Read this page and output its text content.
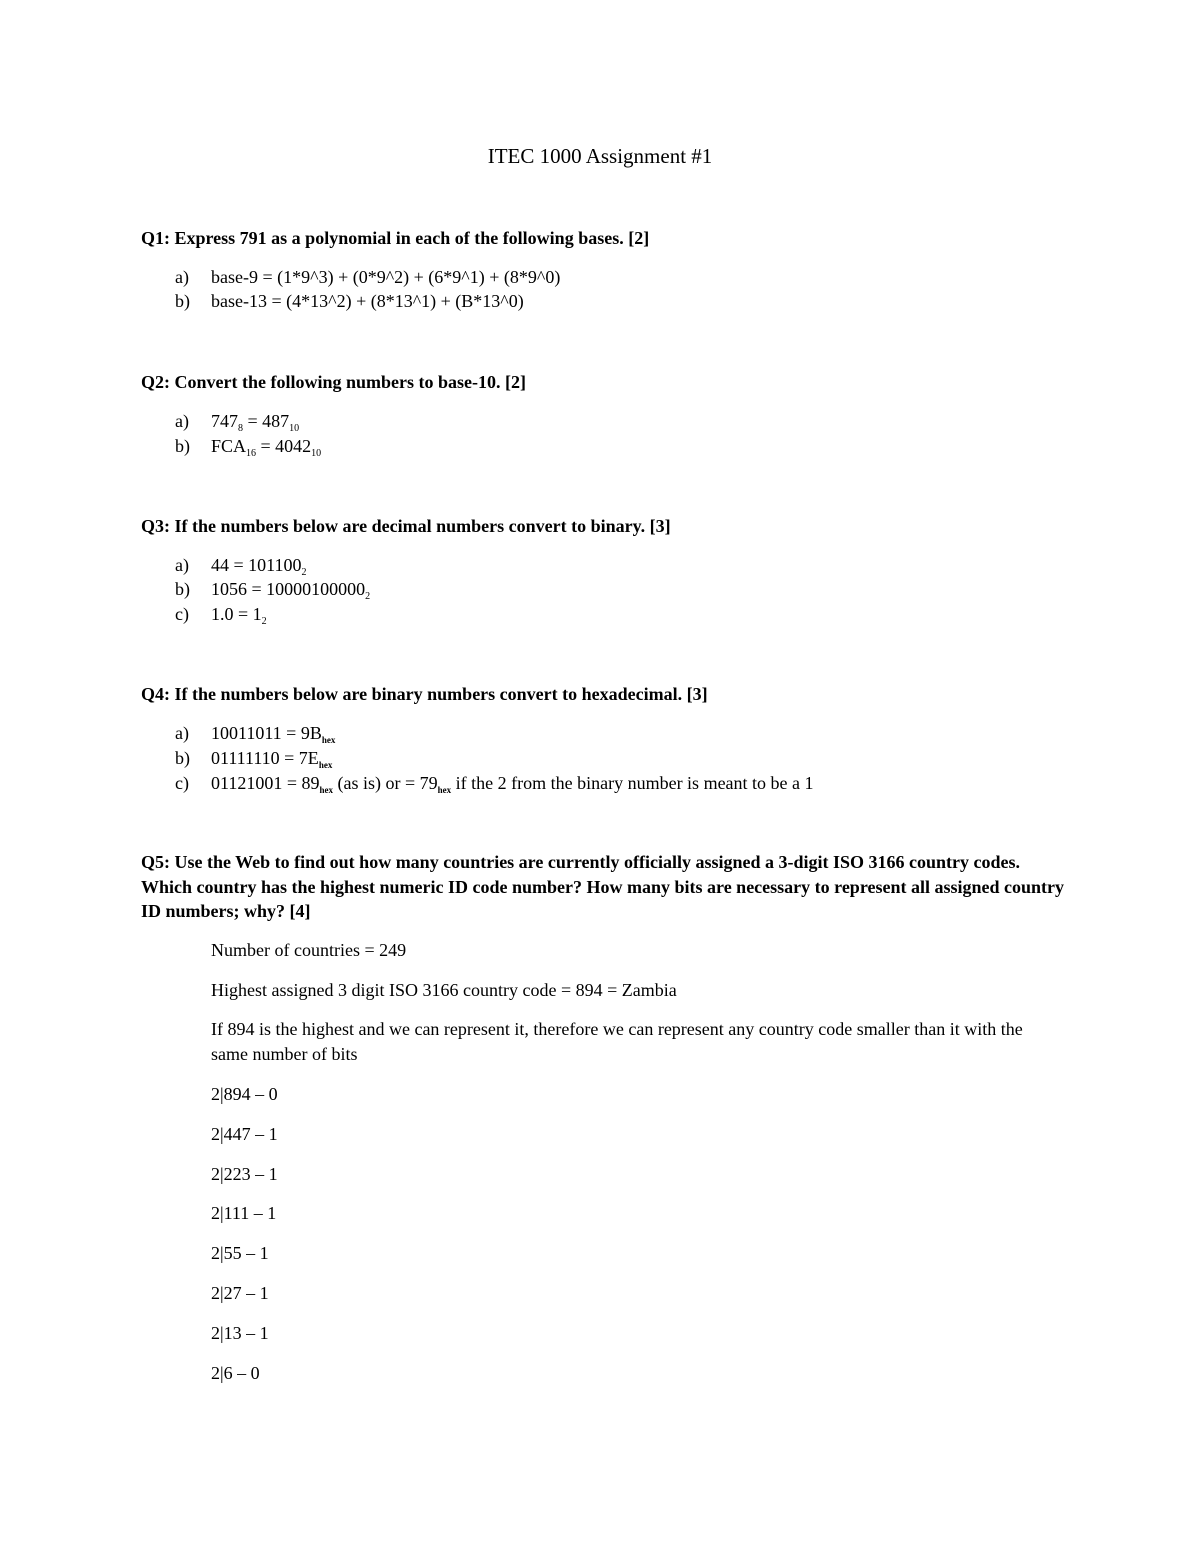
ITEC 1000 Assignment #1
Q1: Express 791 as a polynomial in each of the following bases. [2]
a) base-9 = (1*9^3) + (0*9^2) + (6*9^1) + (8*9^0)
b) base-13 = (4*13^2) + (8*13^1) + (B*13^0)
Q2: Convert the following numbers to base-10. [2]
a) $747_8 = 487_{10}$
b) $FCA_{16} = 4042_{10}$
Q3: If the numbers below are decimal numbers convert to binary. [3]
a) $44 = 101100_2$
b) $1056 = 10000100000_2$
c) $1.0 = 1_2$
Q4: If the numbers below are binary numbers convert to hexadecimal. [3]
a) $10011011 = 9B_{hex}$
b) $01111110 = 7E_{hex}$
c) $01121001 = 89_{hex}$ (as is) or = $79_{hex}$ if the 2 from the binary number is meant to be a 1
Q5: Use the Web to find out how many countries are currently officially assigned a 3-digit ISO 3166 country codes. Which country has the highest numeric ID code number? How many bits are necessary to represent all assigned country ID numbers; why? [4]
Number of countries = 249
Highest assigned 3 digit ISO 3166 country code = 894 = Zambia
If 894 is the highest and we can represent it, therefore we can represent any country code smaller than it with the same number of bits
2|894 – 0
2|447 – 1
2|223 – 1
2|111 – 1
2|55 – 1
2|27 – 1
2|13 – 1
2|6 – 0
